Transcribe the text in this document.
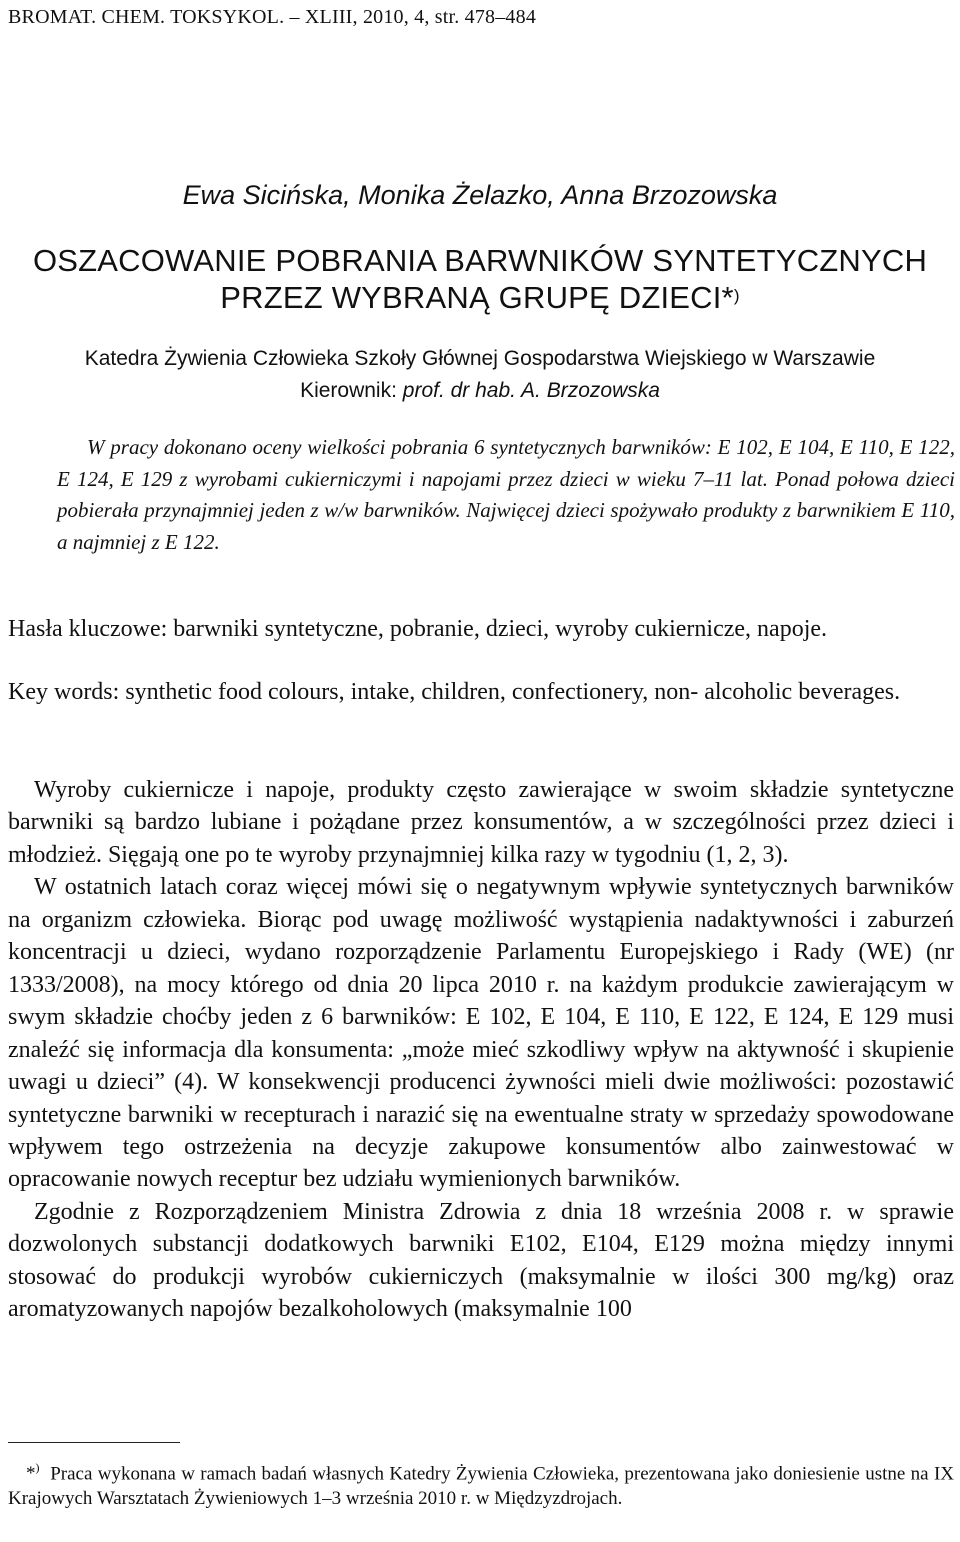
BROMAT. CHEM. TOKSYKOL. – XLIII, 2010, 4, str. 478–484
Ewa Sicińska, Monika Żelazko, Anna Brzozowska
OSZACOWANIE POBRANIA BARWNIKÓW SYNTETYCZNYCH
PRZEZ WYBRANĄ GRUPĘ DZIECI*)
Katedra Żywienia Człowieka Szkoły Głównej Gospodarstwa Wiejskiego w Warszawie
Kierownik: prof. dr hab. A. Brzozowska
W pracy dokonano oceny wielkości pobrania 6 syntetycznych barwników: E 102, E 104, E 110, E 122, E 124, E 129 z wyrobami cukierniczymi i napojami przez dzieci w wieku 7–11 lat. Ponad połowa dzieci pobierała przynajmniej jeden z w/w barwników. Najwięcej dzieci spożywało produkty z barwnikiem E 110, a najmniej z E 122.

Hasła kluczowe: barwniki syntetyczne, pobranie, dzieci, wyroby cukiernicze, napoje.

Key words: synthetic food colours, intake, children, confectionery, non- alcoholic beverages.

Wyroby cukiernicze i napoje, produkty często zawierające w swoim składzie syntetyczne barwniki są bardzo lubiane i pożądane przez konsumentów, a w szczególności przez dzieci i młodzież. Sięgają one po te wyroby przynajmniej kilka razy w tygodniu (1, 2, 3).

W ostatnich latach coraz więcej mówi się o negatywnym wpływie syntetycznych barwników na organizm człowieka. Biorąc pod uwagę możliwość wystąpienia nadaktywności i zaburzeń koncentracji u dzieci, wydano rozporządzenie Parlamentu Europejskiego i Rady (WE) (nr 1333/2008), na mocy którego od dnia 20 lipca 2010 r. na każdym produkcie zawierającym w swym składzie choćby jeden z 6 barwników: E 102, E 104, E 110, E 122, E 124, E 129 musi znaleźć się informacja dla konsumenta: „może mieć szkodliwy wpływ na aktywność i skupienie uwagi u dzieci” (4). W konsekwencji producenci żywności mieli dwie możliwości: pozostawić syntetyczne barwniki w recepturach i narazić się na ewentualne straty w sprzedaży spowodowane wpływem tego ostrzeżenia na decyzje zakupowe konsumentów albo zainwestować w opracowanie nowych receptur bez udziału wymienionych barwników.

Zgodnie z Rozporządzeniem Ministra Zdrowia z dnia 18 września 2008 r. w sprawie dozwolonych substancji dodatkowych barwniki E102, E104, E129 można między innymi stosować do produkcji wyrobów cukierniczych (maksymalnie w ilości 300 mg/kg) oraz aromatyzowanych napojów bezalkoholowych (maksymalnie 100

*) Praca wykonana w ramach badań własnych Katedry Żywienia Człowieka, prezentowana jako doniesienie ustne na IX Krajowych Warsztatach Żywieniowych 1–3 września 2010 r. w Międzyzdrojach.
